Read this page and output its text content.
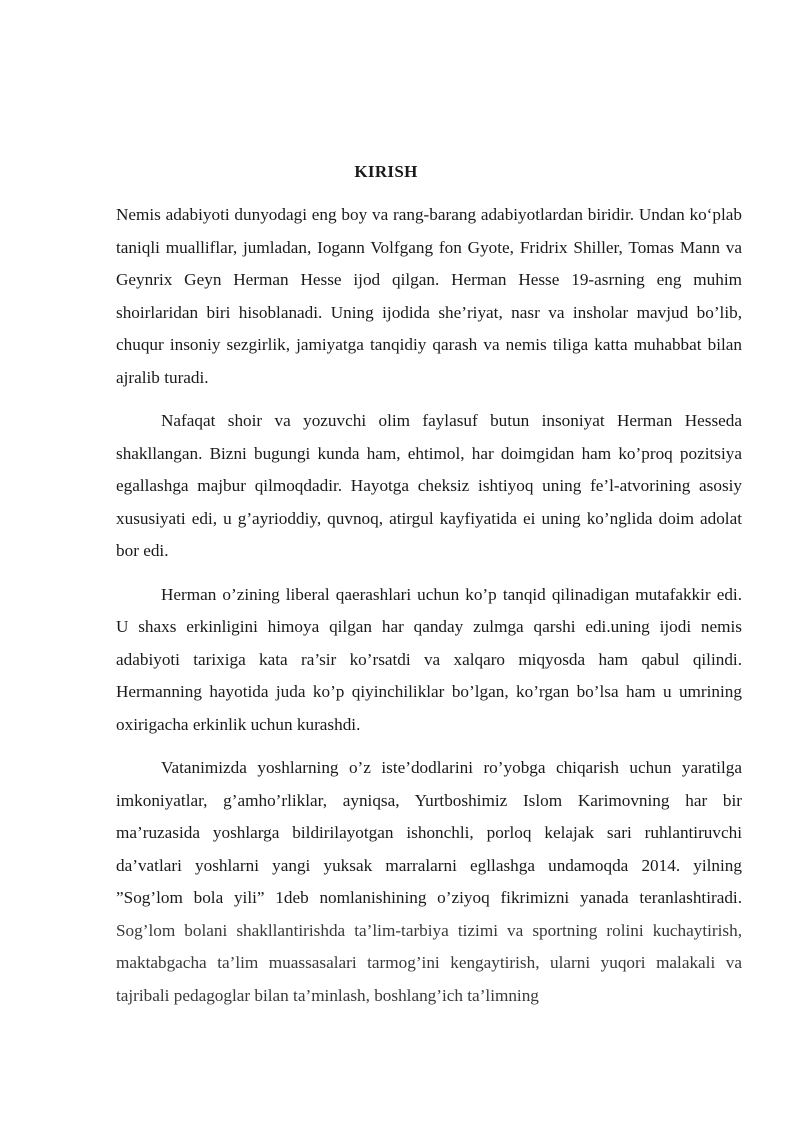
KIRISH

Nemis adabiyoti dunyodagi eng boy va rang-barang adabiyotlardan biridir. Undan ko‘plab taniqli mualliflar, jumladan, Iogann Volfgang fon Gyote, Fridrix Shiller, Tomas Mann va Geynrix Geyn Herman Hesse ijod qilgan. Herman Hesse 19-asrning eng muhim shoirlaridan biri hisoblanadi. Uning ijodida she’riyat, nasr va insholar mavjud bo’lib, chuqur insoniy sezgirlik, jamiyatga tanqidiy qarash va nemis tiliga katta muhabbat bilan ajralib turadi.

Nafaqat shoir va yozuvchi olim faylasuf butun insoniyat Herman Hesseda shakllangan. Bizni bugungi kunda ham, ehtimol, har doimgidan ham ko’proq pozitsiya egallashga majbur qilmoqdadir. Hayotga cheksiz ishtiyoq uning fe’l-atvorining asosiy xususiyati edi, u g’ayrioddiy, quvnoq, atirgul kayfiyatida ei uning ko’nglida doim adolat bor edi.

Herman o’zining liberal qaerashlari uchun ko’p tanqid qilinadigan mutafakkir edi. U shaxs erkinligini himoya qilgan har qanday zulmga qarshi edi.uning ijodi nemis adabiyoti tarixiga kata ra’sir ko’rsatdi va xalqaro miqyosda ham qabul qilindi. Hermanning hayotida juda ko’p qiyinchiliklar bo’lgan, ko’rgan bo’lsa ham u umrining oxirigacha erkinlik uchun kurashdi.

Vatanimizda yoshlarning o’z iste’dodlarini ro’yobga chiqarish uchun yaratilga imkoniyatlar, g’amho’rliklar, ayniqsa, Yurtboshimiz Islom Karimovning har bir ma’ruzasida yoshlarga bildirilayotgan ishonchli, porloq kelajak sari ruhlantiruvchi da’vatlari yoshlarni yangi yuksak marralarni egllashga undamoqda 2014. yilning ”Sog’lom bola yili” 1deb nomlanishining o’ziyoq fikrimizni yanada teranlashtiradi. Sog’lom bolani shakllantirishda ta’lim-tarbiya tizimi va sportning rolini kuchaytirish, maktabgacha ta’lim muassasalari tarmog’ini kengaytirish, ularni yuqori malakali va tajribali pedagoglar bilan ta’minlash, boshlang’ich ta’limning
